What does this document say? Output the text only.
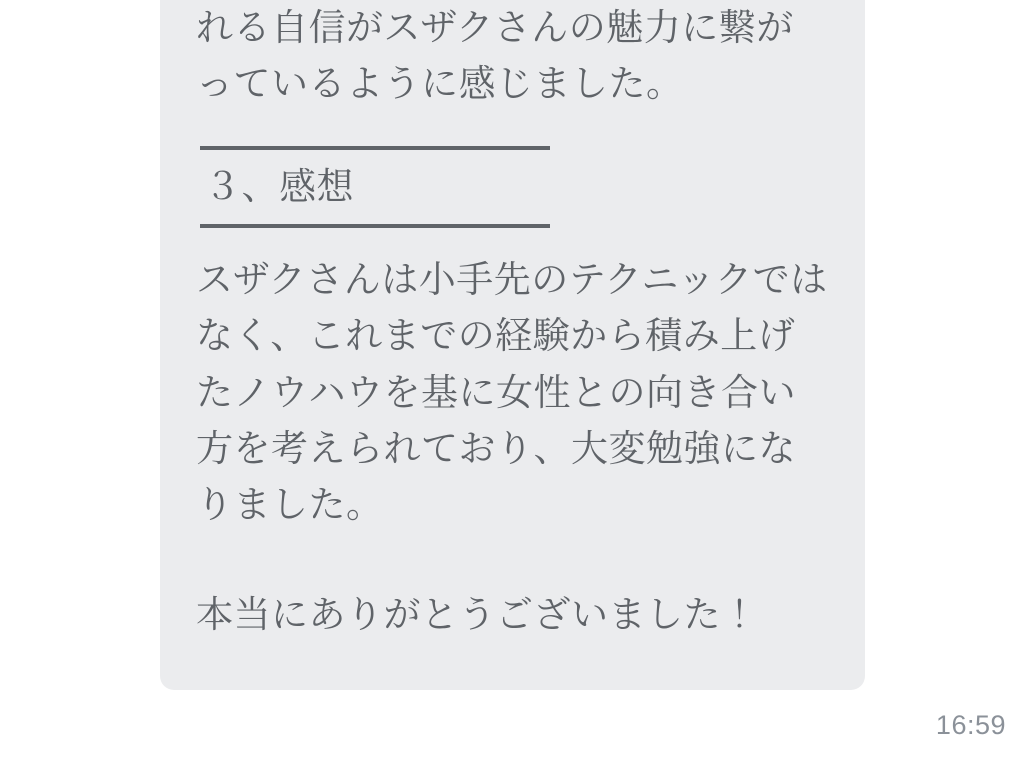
れる自信がスザクさんの魅力に繋がっているように感じました。

３、感想

スザクさんは小手先のテクニックではなく、これまでの経験から積み上げたノウハウを基に女性との向き合い方を考えられており、大変勉強になりました。

本当にありがとうございました！

16:59
